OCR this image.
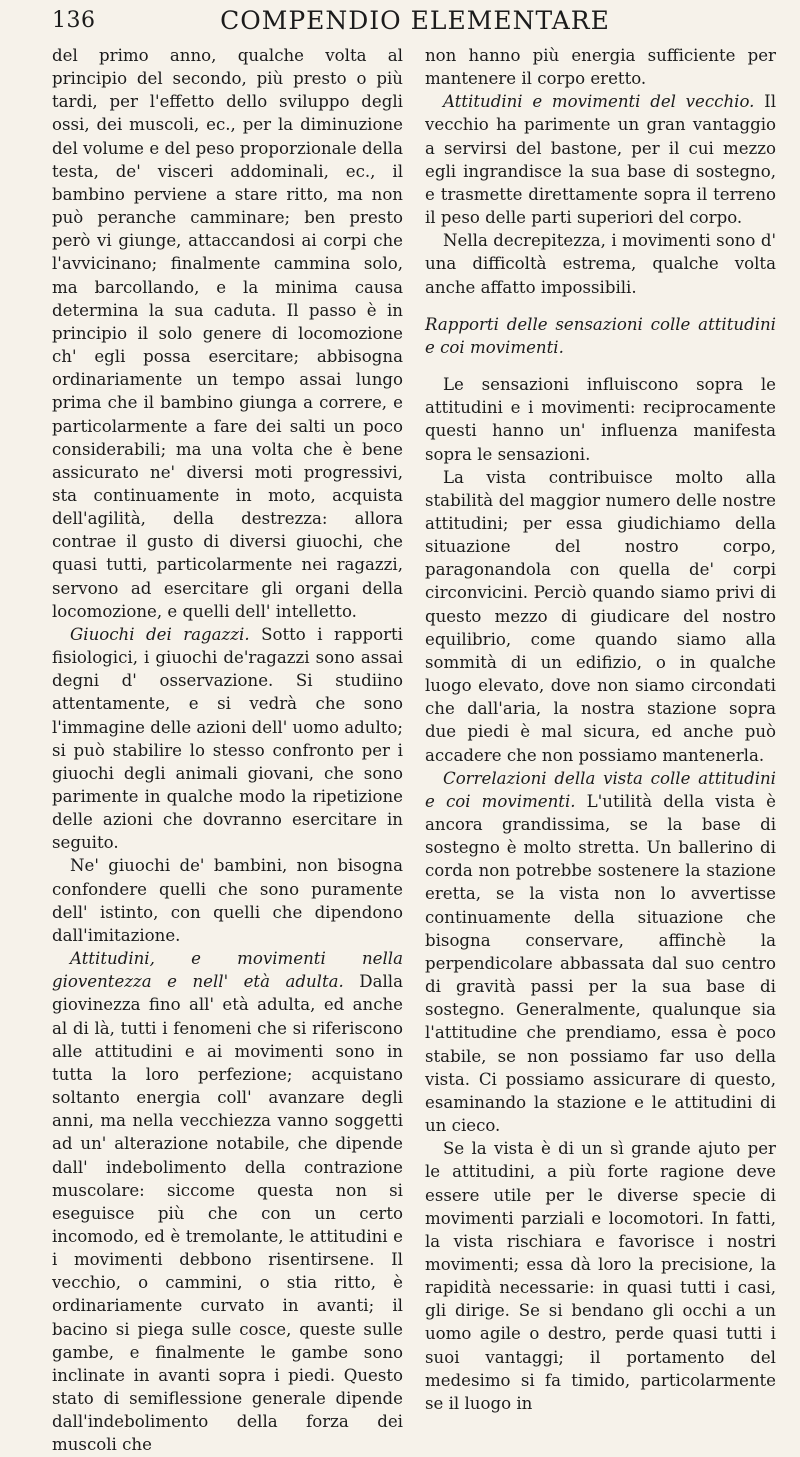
136	COMPENDIO ELEMENTARE

del primo anno, qualche volta al principio del secondo, più presto o più tardi, per l'effetto dello sviluppo degli ossi, dei muscoli, ec., per la diminuzione del volume e del peso proporzionale della testa, de' visceri addominali, ec., il bambino perviene a stare ritto, ma non può peranche camminare; ben presto però vi giunge, attaccandosi ai corpi che l'avvicinano; finalmente cammina solo, ma barcollando, e la minima causa determina la sua caduta. Il passo è in principio il solo genere di locomozione ch' egli possa esercitare; abbisogna ordinariamente un tempo assai lungo prima che il bambino giunga a correre, e particolarmente a fare dei salti un poco considerabili; ma una volta che è bene assicurato ne' diversi moti progressivi, sta continuamente in moto, acquista dell'agilità, della destrezza: allora contrae il gusto di diversi giuochi, che quasi tutti, particolarmente nei ragazzi, servono ad esercitare gli organi della locomozione, e quelli dell' intelletto.

Giuochi dei ragazzi. Sotto i rapporti fisiologici, i giuochi de'ragazzi sono assai degni d' osservazione. Si studiino attentamente, e si vedrà che sono l'immagine delle azioni dell' uomo adulto; si può stabilire lo stesso confronto per i giuochi degli animali giovani, che sono parimente in qualche modo la ripetizione delle azioni che dovranno esercitare in seguito.

Ne' giuochi de' bambini, non bisogna confondere quelli che sono puramente dell' istinto, con quelli che dipendono dall'imitazione.

Attitudini, e movimenti nella gioventezza e nell' età adulta. Dalla giovinezza fino all' età adulta, ed anche al di là, tutti i fenomeni che si riferiscono alle attitudini e ai movimenti sono in tutta la loro perfezione; acquistano soltanto energia coll' avanzare degli anni, ma nella vecchiezza vanno soggetti ad un' alterazione notabile, che dipende dall' indebolimento della contrazione muscolare: siccome questa non si eseguisce più che con un certo incomodo, ed è tremolante, le attitudini e i movimenti debbono risentirsene. Il vecchio, o cammini, o stia ritto, è ordinariamente curvato in avanti; il bacino si piega sulle cosce, queste sulle gambe, e finalmente le gambe sono inclinate in avanti sopra i piedi. Questo stato di semiflessione generale dipende dall'indebolimento della forza dei muscoli che

non hanno più energia sufficiente per mantenere il corpo eretto.

Attitudini e movimenti del vecchio. Il vecchio ha parimente un gran vantaggio a servirsi del bastone, per il cui mezzo egli ingrandisce la sua base di sostegno, e trasmette direttamente sopra il terreno il peso delle parti superiori del corpo.

Nella decrepitezza, i movimenti sono d' una difficoltà estrema, qualche volta anche affatto impossibili.

Rapporti delle sensazioni colle attitudini e coi movimenti.

Le sensazioni influiscono sopra le attitudini e i movimenti: reciprocamente questi hanno un' influenza manifesta sopra le sensazioni.

La vista contribuisce molto alla stabilità del maggior numero delle nostre attitudini; per essa giudichiamo della situazione del nostro corpo, paragonandola con quella de' corpi circonvicini. Perciò quando siamo privi di questo mezzo di giudicare del nostro equilibrio, come quando siamo alla sommità di un edifizio, o in qualche luogo elevato, dove non siamo circondati che dall'aria, la nostra stazione sopra due piedi è mal sicura, ed anche può accadere che non possiamo mantenerla.

Correlazioni della vista colle attitudini e coi movimenti. L'utilità della vista è ancora grandissima, se la base di sostegno è molto stretta. Un ballerino di corda non potrebbe sostenere la stazione eretta, se la vista non lo avvertisse continuamente della situazione che bisogna conservare, affinchè la perpendicolare abbassata dal suo centro di gravità passi per la sua base di sostegno. Generalmente, qualunque sia l'attitudine che prendiamo, essa è poco stabile, se non possiamo far uso della vista. Ci possiamo assicurare di questo, esaminando la stazione e le attitudini di un cieco.

Se la vista è di un sì grande ajuto per le attitudini, a più forte ragione deve essere utile per le diverse specie di movimenti parziali e locomotori. In fatti, la vista rischiara e favorisce i nostri movimenti; essa dà loro la precisione, la rapidità necessarie: in quasi tutti i casi, gli dirige. Se si bendano gli occhi a un uomo agile o destro, perde quasi tutti i suoi vantaggi; il portamento del medesimo si fa timido, particolarmente se il luogo in
